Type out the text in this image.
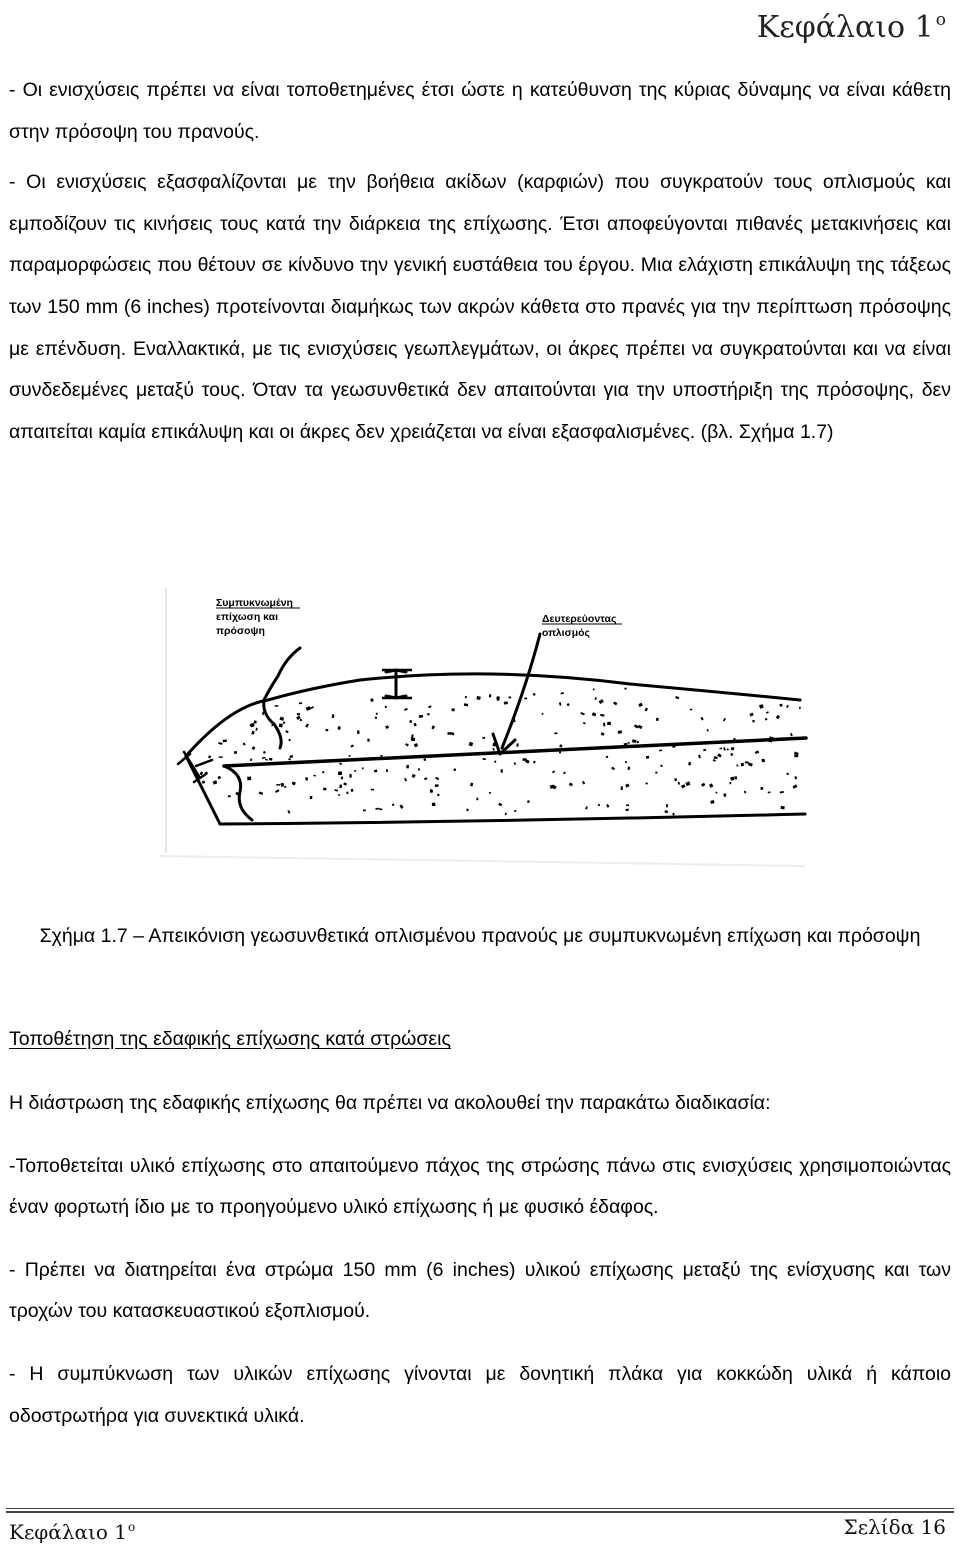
Κεφάλαιο 1 $^o$

- Οι ενισχύσεις πρέπει να είναι τοποθετημένες έτσι ώστε η κατεύθυνση της κύριας δύναμης να είναι κάθετη στην πρόσοψη του πρανούς.

- Οι ενισχύσεις εξασφαλίζονται με την βοήθεια ακίδων (καρφιών) που συγκρατούν τους οπλισμούς και εμποδίζουν τις κινήσεις τους κατά την διάρκεια της επίχωσης. Έτσι αποφεύγονται πιθανές μετακινήσεις και παραμορφώσεις που θέτουν σε κίνδυνο την γενική ευστάθεια του έργου. Μια ελάχιστη επικάλυψη της τάξεως των 150 mm (6 inches) προτείνονται διαμήκως των ακρών κάθετα στο πρανές για την περίπτωση πρόσοψης με επένδυση. Εναλλακτικά, με τις ενισχύσεις γεωπλεγμάτων, οι άκρες πρέπει να συγκρατούνται και να είναι συνδεδεμένες μεταξύ τους. Όταν τα γεωσυνθετικά δεν απαιτούνται για την υποστήριξη της πρόσοψης, δεν απαιτείται καμία επικάλυψη και οι άκρες δεν χρειάζεται να είναι εξασφαλισμένες. (βλ. Σχήμα 1.7)

Συμπυκνωμένη
επίχωση και
πρόσοψη
Δευτερεύοντας
οπλισμός
Σχήμα 1.7 – Απεικόνιση γεωσυνθετικά οπλισμένου πρανούς με συμπυκνωμένη επίχωση και πρόσοψη
Τοποθέτηση της εδαφικής επίχωσης κατά στρώσεις

Η διάστρωση της εδαφικής επίχωσης θα πρέπει να ακολουθεί την παρακάτω διαδικασία:

-Τοποθετείται υλικό επίχωσης στο απαιτούμενο πάχος της στρώσης πάνω στις ενισχύσεις χρησιμοποιώντας έναν φορτωτή ίδιο με το προηγούμενο υλικό επίχωσης ή με φυσικό έδαφος.

- Πρέπει να διατηρείται ένα στρώμα 150 mm (6 inches) υλικού επίχωσης μεταξύ της ενίσχυσης και των τροχών του κατασκευαστικού εξοπλισμού.

- Η συμπύκνωση των υλικών επίχωσης γίνονται με δονητική πλάκα για κοκκώδη υλικά ή κάποιο οδοστρωτήρα για συνεκτικά υλικά.

Κεφάλαιο $1^o$	Σελίδα 16
